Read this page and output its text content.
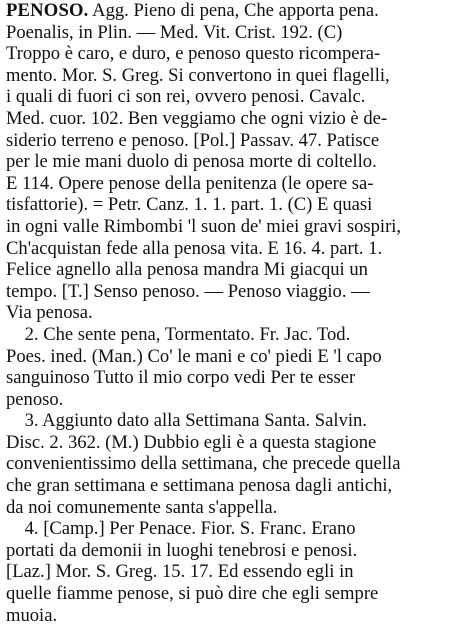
PENOSO. Agg. Pieno di pena, Che apporta pena.
Poenalis, in Plin. — Med. Vit. Crist. 192. (C)
Troppo è caro, e duro, e penoso questo ricompera-
mento. Mor. S. Greg. Si convertono in quei flagelli,
i quali di fuori ci son rei, ovvero penosi. Cavalc.
Med. cuor. 102. Ben veggiamo che ogni vizio è de-
siderio terreno e penoso. [Pol.] Passav. 47. Patisce
per le mie mani duolo di penosa morte di coltello.
E 114. Opere penose della penitenza (le opere sa-
tisfattorie). = Petr. Canz. 1. 1. part. 1. (C) E quasi
in ogni valle Rimbombi 'l suon de' miei gravi sospiri,
Ch'acquistan fede alla penosa vita. E 16. 4. part. 1.
Felice agnello alla penosa mandra Mi giacqui un
tempo. [T.] Senso penoso. — Penoso viaggio. —
Via penosa.
2. Che sente pena, Tormentato. Fr. Jac. Tod.
Poes. ined. (Man.) Co' le mani e co' piedi E 'l capo
sanguinoso Tutto il mio corpo vedi Per te esser
penoso.
3. Aggiunto dato alla Settimana Santa. Salvin.
Disc. 2. 362. (M.) Dubbio egli è a questa stagione
convenientissimo della settimana, che precede quella
che gran settimana e settimana penosa dagli antichi,
da noi comunemente santa s'appella.
4. [Camp.] Per Penace. Fior. S. Franc. Erano
portati da demonii in luoghi tenebrosi e penosi.
[Laz.] Mor. S. Greg. 15. 17. Ed essendo egli in
quelle fiamme penose, si può dire che egli sempre
muoia.
